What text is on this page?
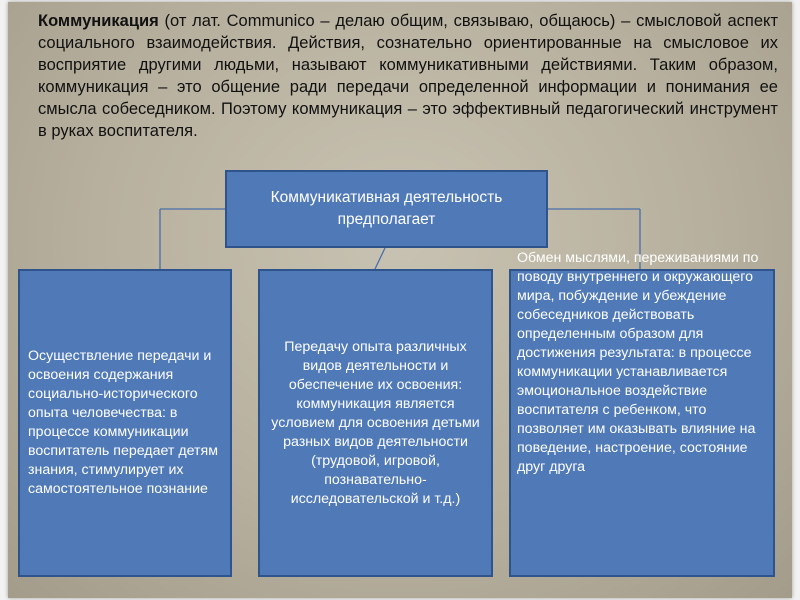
Коммуникация (от лат. Communico – делаю общим, связываю, общаюсь) – смысловой аспект социального взаимодействия. Действия, сознательно ориентированные на смысловое их восприятие другими людьми, называют коммуникативными действиями. Таким образом, коммуникация – это общение ради передачи определенной информации и понимания ее смысла собеседником. Поэтому коммуникация – это эффективный педагогический инструмент в руках воспитателя.

Коммуникативная деятельность предполагает
Осуществление передачи и освоения содержания социально-исторического опыта человечества: в процессе коммуникации воспитатель передает детям знания, стимулирует их самостоятельное познание
Передачу опыта различных видов деятельности и обеспечение их освоения: коммуникация является условием для освоения детьми разных видов деятельности (трудовой, игровой, познавательно-исследовательской и т.д.)
Обмен мыслями, переживаниями по поводу внутреннего и окружающего мира, побуждение и убеждение собеседников действовать определенным образом для достижения результата: в процессе коммуникации устанавливается эмоциональное воздействие воспитателя с ребенком, что позволяет им оказывать влияние на поведение, настроение, состояние друг друга
